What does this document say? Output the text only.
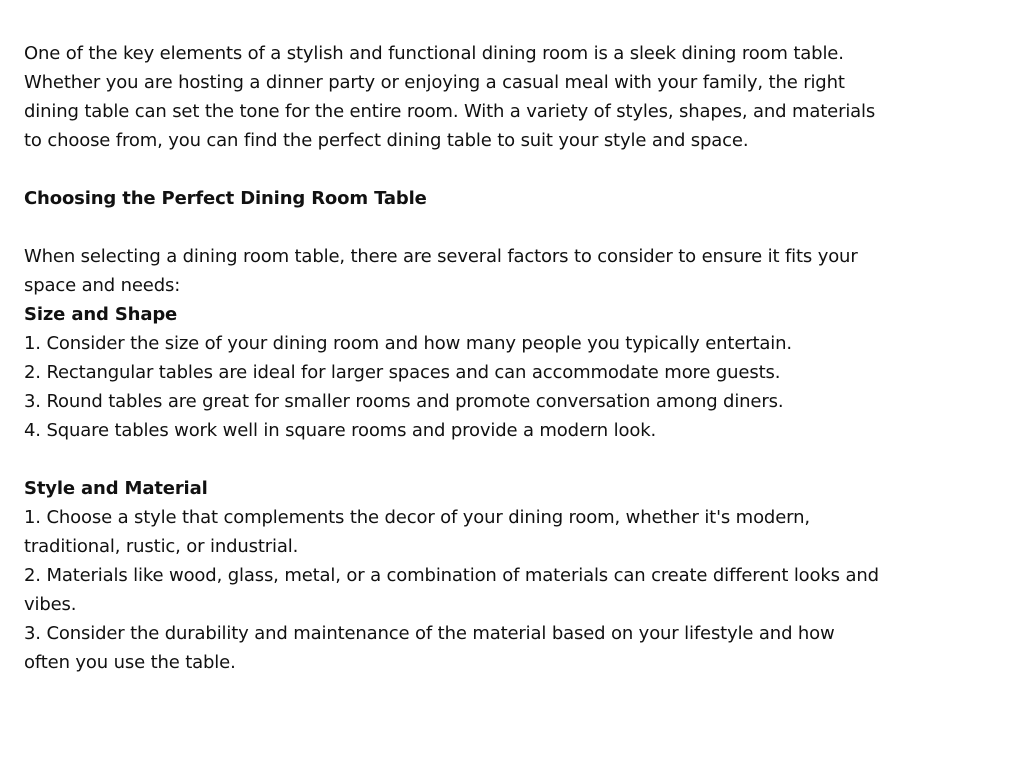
One of the key elements of a stylish and functional dining room is a sleek dining room table. Whether you are hosting a dinner party or enjoying a casual meal with your family, the right dining table can set the tone for the entire room. With a variety of styles, shapes, and materials to choose from, you can find the perfect dining table to suit your style and space.

Choosing the Perfect Dining Room Table

When selecting a dining room table, there are several factors to consider to ensure it fits your space and needs:

Size and Shape

1. Consider the size of your dining room and how many people you typically entertain.

2. Rectangular tables are ideal for larger spaces and can accommodate more guests.

3. Round tables are great for smaller rooms and promote conversation among diners.

4. Square tables work well in square rooms and provide a modern look.

Style and Material

1. Choose a style that complements the decor of your dining room, whether it's modern, traditional, rustic, or industrial.

2. Materials like wood, glass, metal, or a combination of materials can create different looks and vibes.

3. Consider the durability and maintenance of the material based on your lifestyle and how often you use the table.
